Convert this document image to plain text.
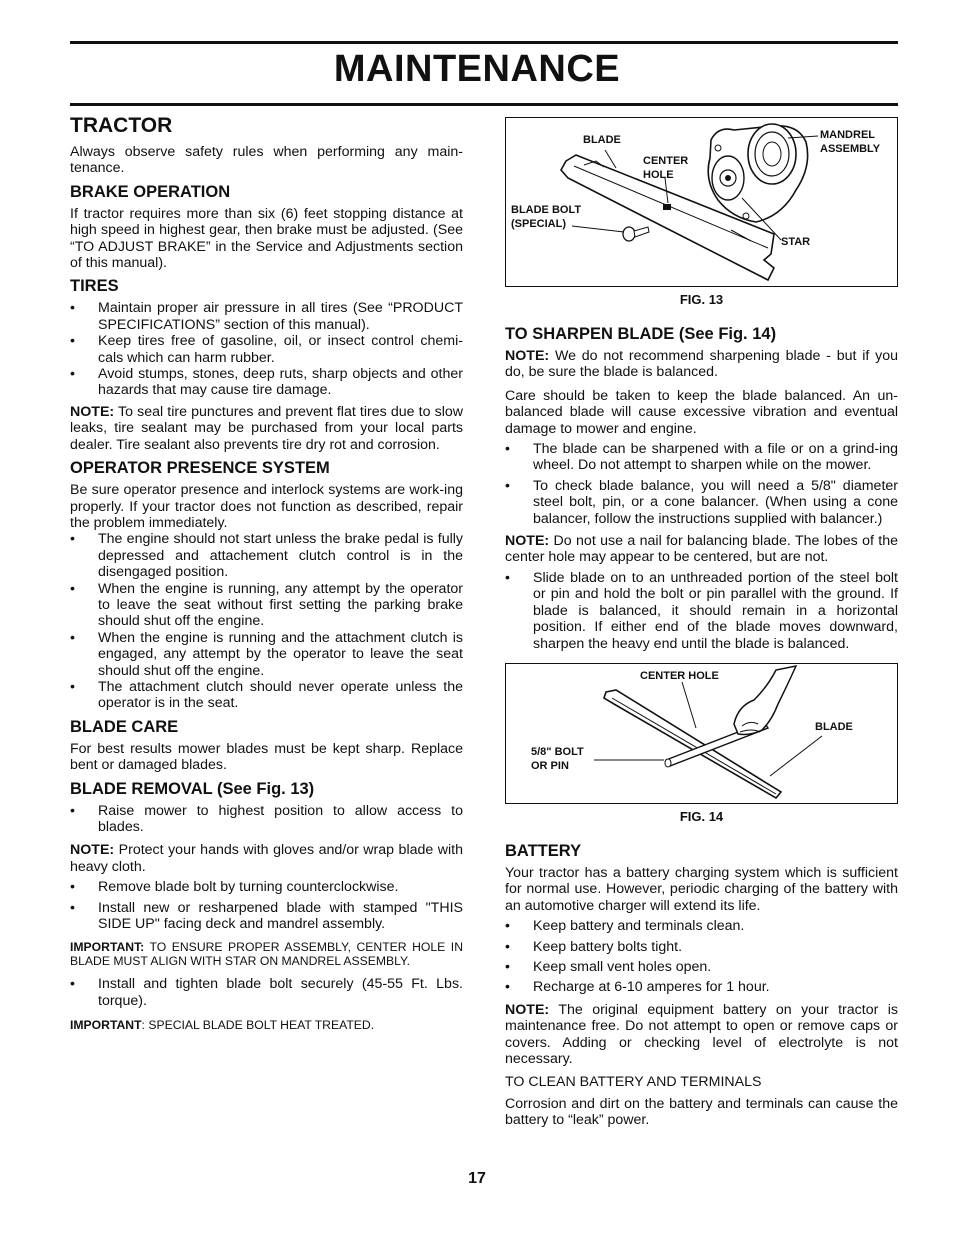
MAINTENANCE
TRACTOR

Always observe safety rules when performing any main-tenance.

BRAKE OPERATION

If tractor requires more than six (6) feet stopping distance at high speed in highest gear, then brake must be adjusted. (See “TO ADJUST BRAKE” in the Service and Adjustments section of this manual).

TIRES
• Maintain proper air pressure in all tires (See “PRODUCT SPECIFICATIONS” section of this manual).
• Keep tires free of gasoline, oil, or insect control chemi-cals which can harm rubber.
• Avoid stumps, stones, deep ruts, sharp objects and other hazards that may cause tire damage.

NOTE: To seal tire punctures and prevent flat tires due to slow leaks, tire sealant may be purchased from your local parts dealer. Tire sealant also prevents tire dry rot and corrosion.

OPERATOR PRESENCE SYSTEM

Be sure operator presence and interlock systems are work-ing properly. If your tractor does not function as described, repair the problem immediately.

• The engine should not start unless the brake pedal is fully depressed and attachement clutch control is in the disengaged position.
• When the engine is running, any attempt by the operator to leave the seat without first setting the parking brake should shut off the engine.
• When the engine is running and the attachment clutch is engaged, any attempt by the operator to leave the seat should shut off the engine.
• The attachment clutch should never operate unless the operator is in the seat.
BLADE CARE

For best results mower blades must be kept sharp. Replace bent or damaged blades.

BLADE REMOVAL (See Fig. 13)
• Raise mower to highest position to allow access to blades.

NOTE: Protect your hands with gloves and/or wrap blade with heavy cloth.

• Remove blade bolt by turning counterclockwise.
• Install new or resharpened blade with stamped "THIS SIDE UP" facing deck and mandrel assembly.

IMPORTANT: TO ENSURE PROPER ASSEMBLY, CENTER HOLE IN BLADE MUST ALIGN WITH STAR ON MANDREL ASSEMBLY.

• Install and tighten blade bolt securely (45-55 Ft. Lbs. torque).

IMPORTANT: SPECIAL BLADE BOLT HEAT TREATED.

BLADE
CENTER
HOLE
MANDREL
ASSEMBLY
BLADE BOLT
(SPECIAL)
STAR
FIG. 13
TO SHARPEN BLADE (See Fig. 14)

NOTE: We do not recommend sharpening blade - but if you do, be sure the blade is balanced.

Care should be taken to keep the blade balanced. An un-balanced blade will cause excessive vibration and eventual damage to mower and engine.

• The blade can be sharpened with a file or on a grind-ing wheel. Do not attempt to sharpen while on the mower.
• To check blade balance, you will need a 5/8" diameter steel bolt, pin, or a cone balancer. (When using a cone balancer, follow the instructions supplied with balancer.)

NOTE: Do not use a nail for balancing blade. The lobes of the center hole may appear to be centered, but are not.

• Slide blade on to an unthreaded portion of the steel bolt or pin and hold the bolt or pin parallel with the ground. If blade is balanced, it should remain in a horizontal position. If either end of the blade moves downward, sharpen the heavy end until the blade is balanced.
CENTER HOLE
BLADE
5/8" BOLT
OR PIN
FIG. 14
BATTERY

Your tractor has a battery charging system which is sufficient for normal use. However, periodic charging of the battery with an automotive charger will extend its life.

• Keep battery and terminals clean.
• Keep battery bolts tight.
• Keep small vent holes open.
• Recharge at 6-10 amperes for 1 hour.

NOTE: The original equipment battery on your tractor is maintenance free. Do not attempt to open or remove caps or covers. Adding or checking level of electrolyte is not necessary.

TO CLEAN BATTERY AND TERMINALS

Corrosion and dirt on the battery and terminals can cause the battery to “leak” power.

17
